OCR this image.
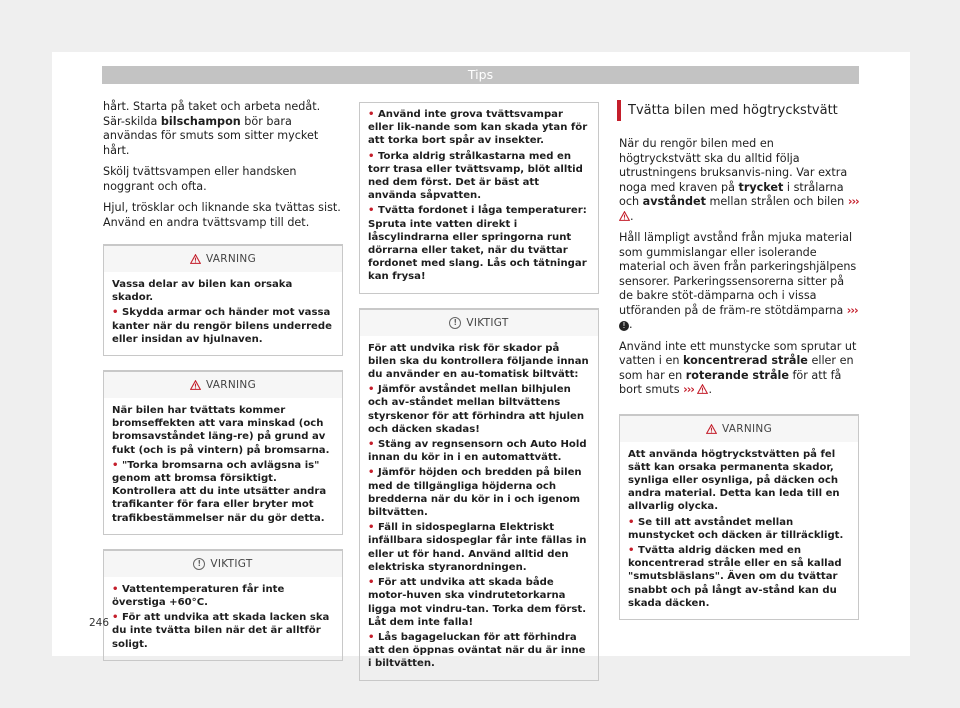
Tips

hårt. Starta på taket och arbeta nedåt. Sär-skilda bilschampon bör bara användas för smuts som sitter mycket hårt.

Skölj tvättsvampen eller handsken noggrant och ofta.

Hjul, trösklar och liknande ska tvättas sist. Använd en andra tvättsvamp till det.

VARNING

Vassa delar av bilen kan orsaka skador.

• Skydda armar och händer mot vassa kanter när du rengör bilens underrede eller insidan av hjulnaven.

VARNING

När bilen har tvättats kommer bromseffekten att vara minskad (och bromsavståndet läng-re) på grund av fukt (och is på vintern) på bromsarna.

• "Torka bromsarna och avlägsna is" genom att bromsa försiktigt. Kontrollera att du inte utsätter andra trafikanter för fara eller bryter mot trafikbestämmelser när du gör detta.

! VIKTIGT

• Vattentemperaturen får inte överstiga +60°C.

• För att undvika att skada lacken ska du inte tvätta bilen när det är alltför soligt.

• Använd inte grova tvättsvampar eller lik-nande som kan skada ytan för att torka bort spår av insekter.

• Torka aldrig strålkastarna med en torr trasa eller tvättsvamp, blöt alltid ned dem först. Det är bäst att använda såpvatten.

• Tvätta fordonet i låga temperaturer: Spruta inte vatten direkt i låscylindrarna eller springorna runt dörrarna eller taket, när du tvättar fordonet med slang. Lås och tätningar kan frysa!

! VIKTIGT

För att undvika risk för skador på bilen ska du kontrollera följande innan du använder en au-tomatisk biltvätt:

• Jämför avståndet mellan bilhjulen och av-ståndet mellan biltvättens styrskenor för att förhindra att hjulen och däcken skadas!

• Stäng av regnsensorn och Auto Hold innan du kör in i en automattvätt.

• Jämför höjden och bredden på bilen med de tillgängliga höjderna och bredderna när du kör in i och igenom biltvätten.

• Fäll in sidospeglarna Elektriskt infällbara sidospeglar får inte fällas in eller ut för hand. Använd alltid den elektriska styranordningen.

• För att undvika att skada både motor-huven ska vindrutetorkarna ligga mot vindru-tan. Torka dem först. Låt dem inte falla!

• Lås bagageluckan för att förhindra att den öppnas oväntat när du är inne i biltvätten.

Tvätta bilen med högtryckstvätt

När du rengör bilen med en högtryckstvätt ska du alltid följa utrustningens bruksanvis-ning. Var extra noga med kraven på trycket i strålarna och avståndet mellan strålen och bilen ››› .

Håll lämpligt avstånd från mjuka material som gummislangar eller isolerande material och även från parkeringshjälpens sensorer. Parkeringssensorerna sitter på de bakre stöt-dämparna och i vissa utföranden på de främ-re stötdämparna ››› ! .

Använd inte ett munstycke som sprutar ut vatten i en koncentrerad stråle eller en som har en roterande stråle för att få bort smuts ››› .

VARNING

Att använda högtryckstvätten på fel sätt kan orsaka permanenta skador, synliga eller osynliga, på däcken och andra material. Detta kan leda till en allvarlig olycka.

• Se till att avståndet mellan munstycket och däcken är tillräckligt.

• Tvätta aldrig däcken med en koncentrerad stråle eller en så kallad "smutsbläslans". Även om du tvättar snabbt och på långt av-stånd kan du skada däcken.

246
